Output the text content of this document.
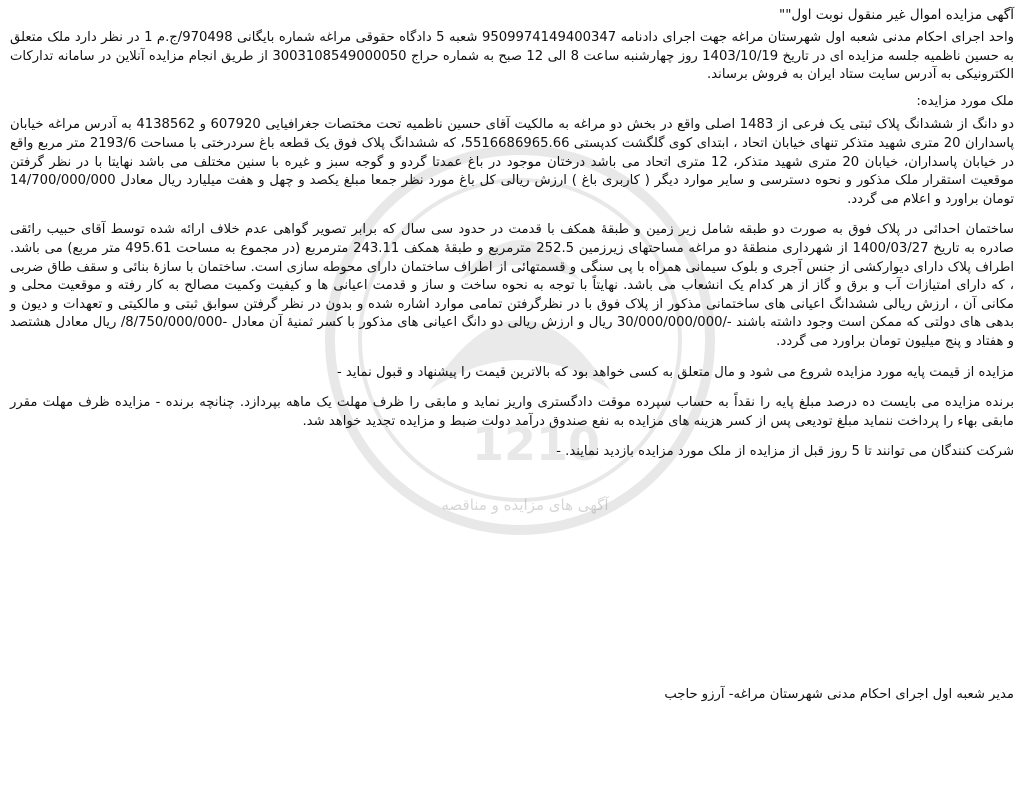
1210
آگهی های مزایده و مناقصه
آگهی مزایده اموال غیر منقول نوبت اول""
واحد اجرای احکام مدنی شعبه اول شهرستان مراغه جهت اجرای دادنامه 9509974149400347 شعبه 5 دادگاه حقوقی مراغه شماره بایگانی 970498/ج.م 1 در نظر دارد ملک متعلق به حسین ناظمیه جلسه مزایده ای در تاریخ 1403/10/19 روز چهارشنبه ساعت 8 الی 12 صبح به شماره حراج 3003108549000050 از طریق انجام مزایده آنلاین در سامانه تدارکات الکترونیکی به آدرس سایت ستاد ایران به فروش برساند.
ملک مورد مزایده:
دو دانگ از ششدانگ پلاک ثبتی یک فرعی از 1483 اصلی واقع در بخش دو مراغه به مالکیت آقای حسین ناظمیه تحت مختصات جغرافیایی 607920 و 4138562 به آدرس مراغه خیابان پاسداران 20 متری شهید متذکر تنهای خیابان اتحاد ، ابتدای کوی گلگشت کدپستی 5516686965.66، که ششدانگ پلاک فوق یک قطعه باغ سردرختی با مساحت 2193/6 متر مربع واقع در خیابان پاسداران، خیابان 20 متری شهید متذکر، 12 متری اتحاد می باشد درختان موجود در باغ عمدتا گردو و گوجه سبز و غیره با سنین مختلف می باشد نهایتا با در نظر گرفتن موقعیت استقرار ملک مذکور و نحوه دسترسی و سایر موارد دیگر ( کاربری باغ ) ارزش ریالی کل باغ مورد نظر جمعا مبلغ یکصد و چهل و هفت میلیارد ریال معادل 14/700/000/000 تومان براورد و اعلام می گردد.
ساختمان احداثی در پلاک فوق به صورت دو طبقه شامل زیر زمین و طبقهٔ همکف با قدمت در حدود سی سال که برابر تصویر گواهی عدم خلاف ارائه شده توسط آقای حبیب رائقی صادره به تاریخ 1400/03/27 از شهرداری منطقهٔ دو مراغه مساحتهای زیرزمین 252.5 مترمربع و طبقهٔ همکف 243.11 مترمربع (در مجموع به مساحت 495.61 متر مربع) می باشد. اطراف پلاک دارای دیوارکشی از جنس آجری و بلوک سیمانی همراه با پی سنگی و قسمتهائی از اطراف ساختمان دارای محوطه سازی است. ساختمان با سازهٔ بنائی و سقف طاق ضربی ، که دارای امتیازات آب و برق و گاز از هر کدام یک انشعاب می باشد. نهایتاً با توجه به نحوه ساخت و ساز و قدمت اعیانی ها و کیفیت وکمیت مصالح به کار رفته و موقعیت محلی و مکانی آن ، ارزش ریالی ششدانگ اعیانی های ساختمانی مذکور از پلاک فوق با در نظرگرفتن تمامی موارد اشاره شده و بدون در نظر گرفتن سوابق ثبتی و مالکیتی و تعهدات و دیون و بدهی های دولتی که ممکن است وجود داشته باشند -/30/000/000/000 ریال و ارزش ریالی دو دانگ اعیانی های مذکور با کسر ثمنیهٔ آن معادل -8/750/000/000/ ریال معادل هشتصد و هفتاد و پنج میلیون تومان براورد می گردد.
مزایده از قیمت پایه مورد مزایده شروع می شود و مال متعلق به کسی خواهد بود که بالاترین قیمت را پیشنهاد و قبول نماید -
برنده مزایده می بایست ده درصد مبلغ پایه را نقداً به حساب سپرده موقت دادگستری واریز نماید و مابقی را ظرف مهلت یک ماهه بپردازد. چنانچه برنده - مزایده ظرف مهلت مقرر مابقی بهاء را پرداخت ننماید مبلغ تودیعی پس از کسر هزینه های مزایده به نفع صندوق درآمد دولت ضبط و مزایده تجدید خواهد شد.
شرکت کنندگان می توانند تا 5 روز قبل از مزایده از ملک مورد مزایده بازدید نمایند. -
مدیر شعبه اول اجرای احکام مدنی شهرستان مراغه- آرزو حاجب
